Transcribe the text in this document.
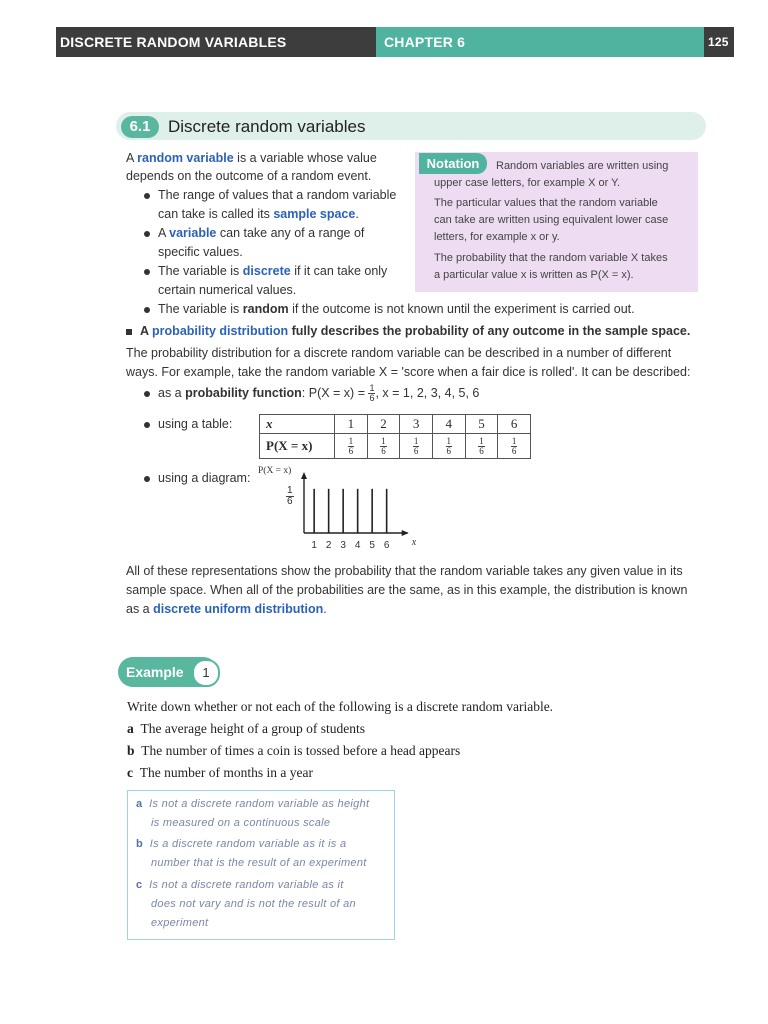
DISCRETE RANDOM VARIABLES	CHAPTER 6	125
6.1	Discrete random variables
A random variable is a variable whose value
depends on the outcome of a random event.
The range of values that a random variable
can take is called its sample space.
A variable can take any of a range of
specific values.
The variable is discrete if it can take only
certain numerical values.
Notation	Random variables are written using
upper case letters, for example X or Y.
The particular values that the random variable
can take are written using equivalent lower case
letters, for example x or y.
The probability that the random variable X takes
a particular value x is written as P(X = x).
The variable is random if the outcome is not known until the experiment is carried out.
A probability distribution fully describes the probability of any outcome in the sample space.
The probability distribution for a discrete random variable can be described in a number of different
ways. For example, take the random variable X = 'score when a fair dice is rolled'. It can be described:
as a probability function: $P(X = x) = \frac{1}{6}$ , x = 1, 2, 3, 4, 5, 6
using a table:	x	1	2	3	4	5	6
P(X = x)	$\frac{1}{6}$	$\frac{1}{6}$	$\frac{1}{6}$	$\frac{1}{6}$	$\frac{1}{6}$	$\frac{1}{6}$
using a diagram: P(X = x)
$\frac{1}{6}$
1 2 3 4 5 6 x
All of these representations show the probability that the random variable takes any given value in its
sample space. When all of the probabilities are the same, as in this example, the distribution is known
as a discrete uniform distribution.
Example	1
Write down whether or not each of the following is a discrete random variable.
a The average height of a group of students
b The number of times a coin is tossed before a head appears
c The number of months in a year
a Is not a discrete random variable as height
is measured on a continuous scale
b Is a discrete random variable as it is a
number that is the result of an experiment
c Is not a discrete random variable as it
does not vary and is not the result of an
experiment
